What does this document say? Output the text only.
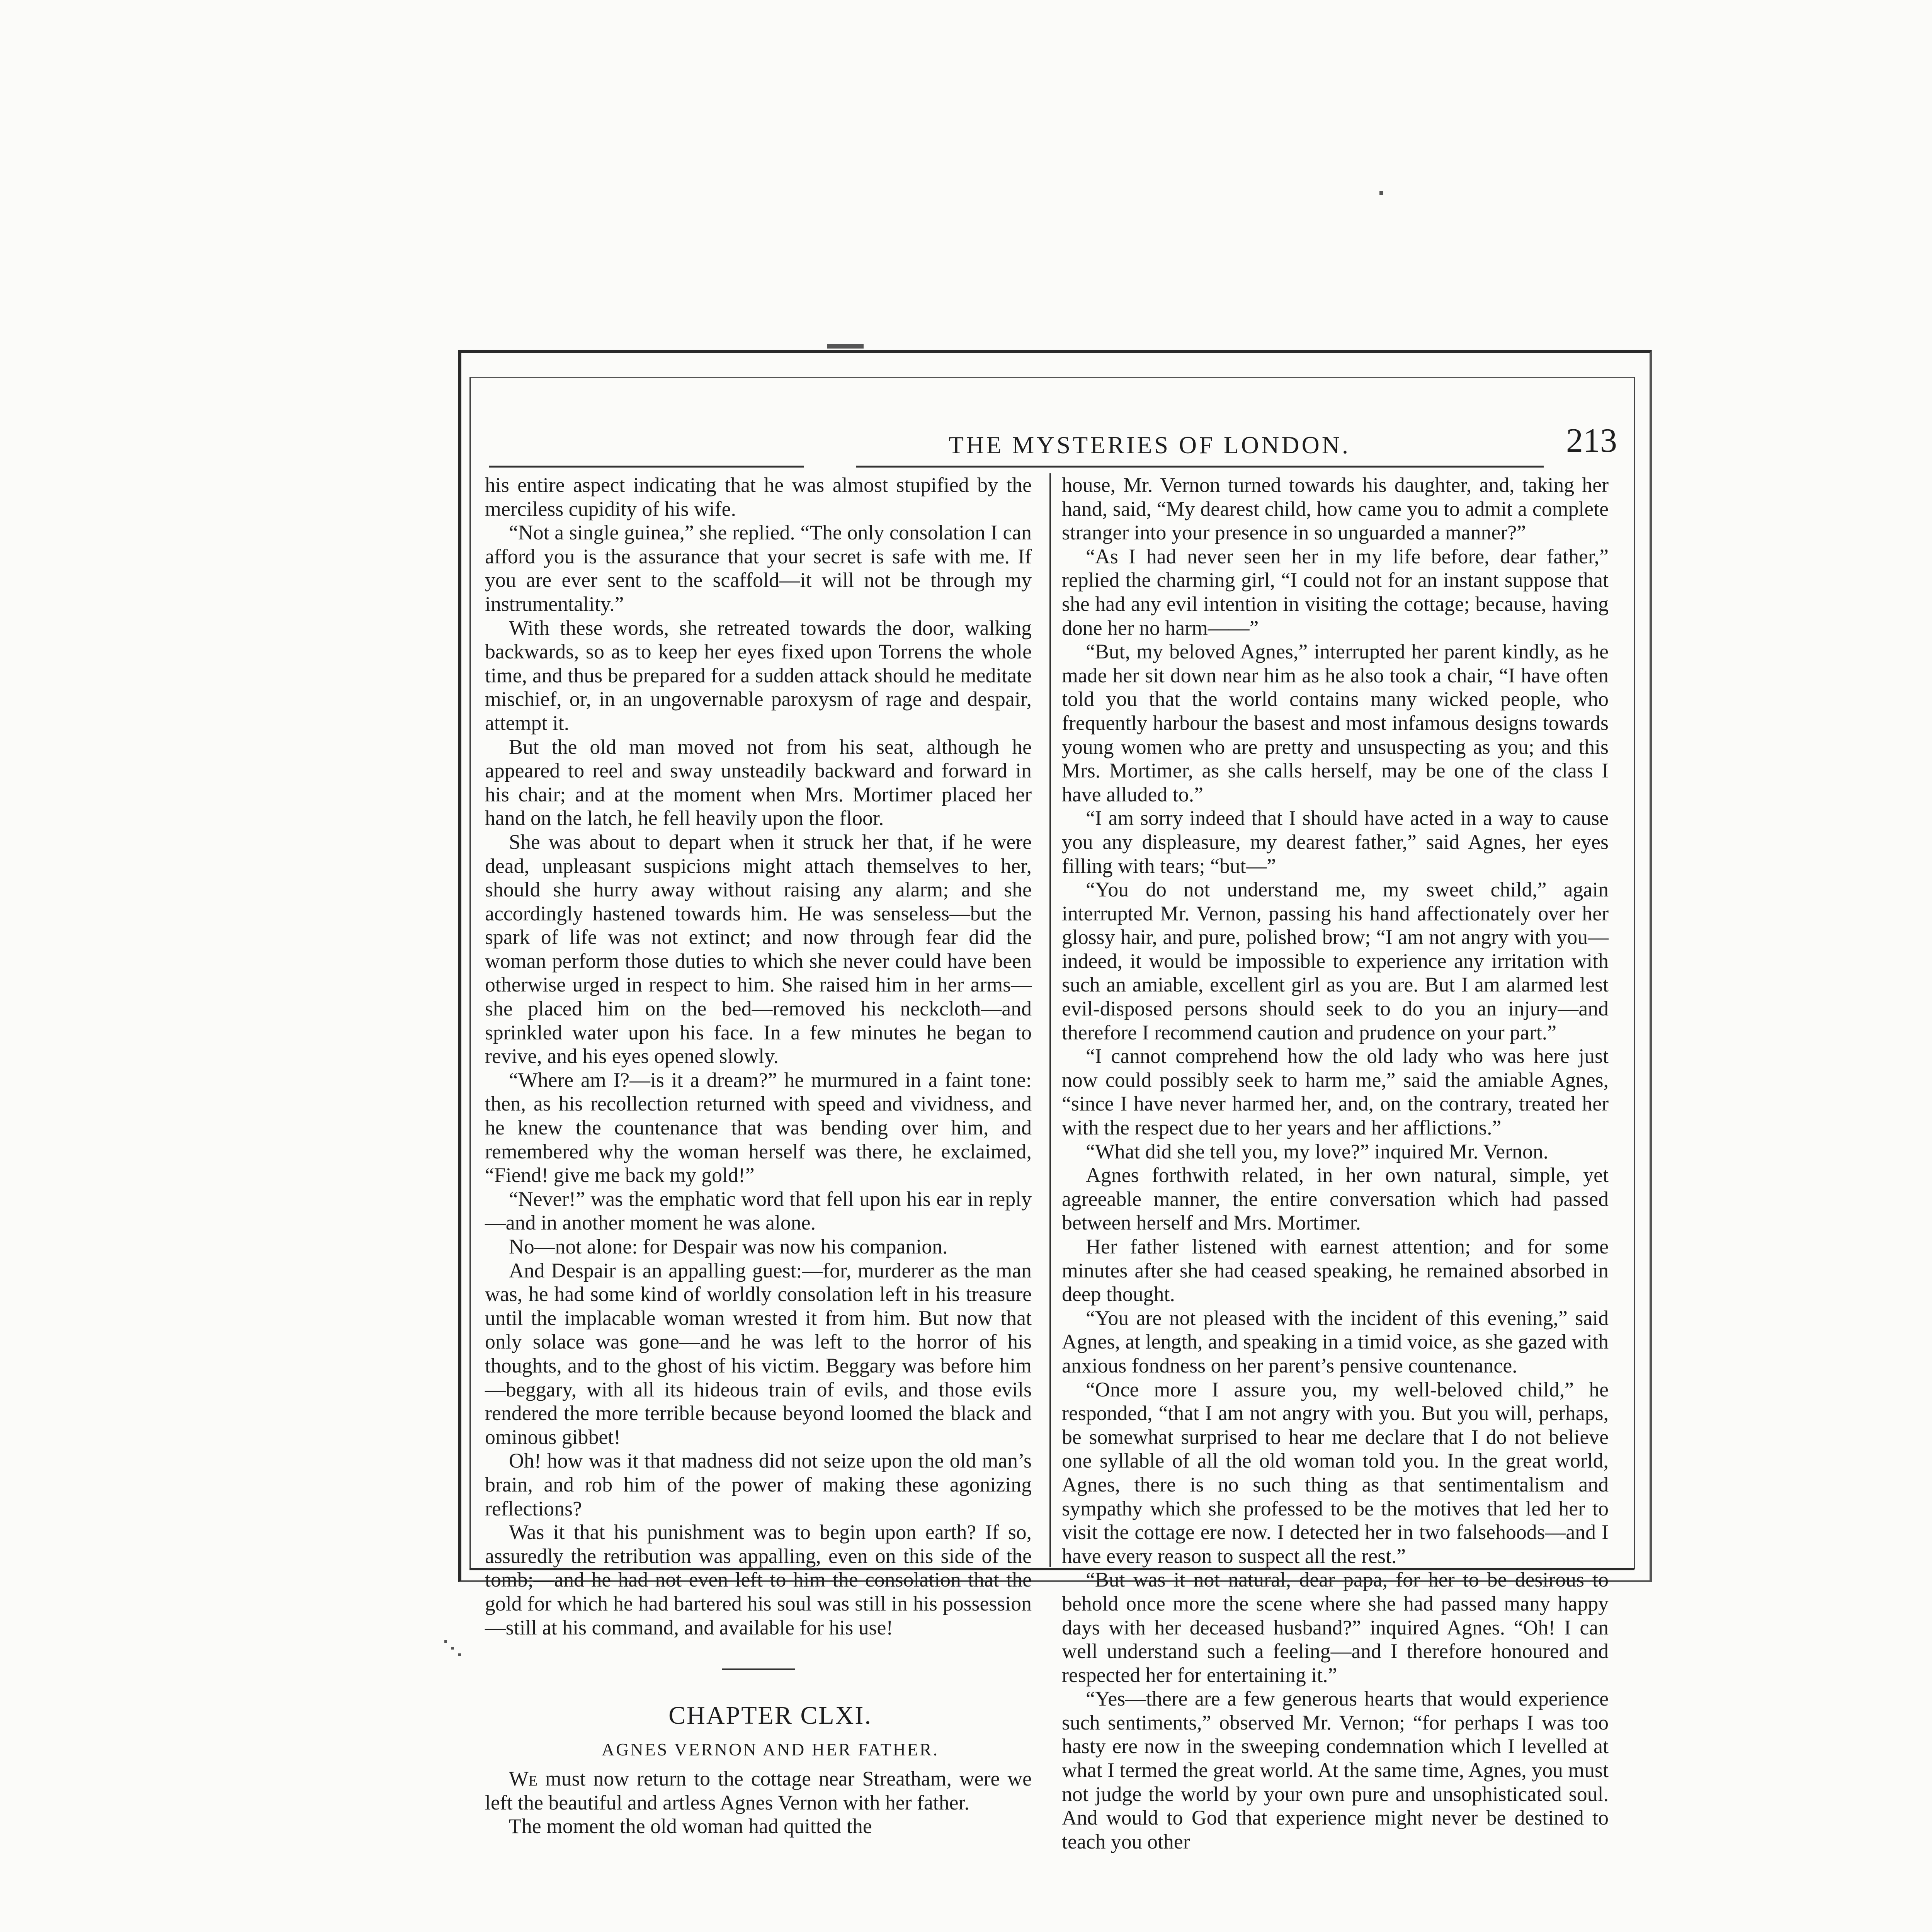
THE MYSTERIES OF LONDON.	213

his entire aspect indicating that he was almost stupified by the merciless cupidity of his wife.

“Not a single guinea,” she replied. “The only consolation I can afford you is the assurance that your secret is safe with me. If you are ever sent to the scaffold—it will not be through my instrumentality.”

With these words, she retreated towards the door, walking backwards, so as to keep her eyes fixed upon Torrens the whole time, and thus be prepared for a sudden attack should he meditate mischief, or, in an ungovernable paroxysm of rage and despair, attempt it.

But the old man moved not from his seat, although he appeared to reel and sway unsteadily backward and forward in his chair; and at the moment when Mrs. Mortimer placed her hand on the latch, he fell heavily upon the floor.

She was about to depart when it struck her that, if he were dead, unpleasant suspicions might attach themselves to her, should she hurry away without raising any alarm; and she accordingly hastened towards him. He was senseless—but the spark of life was not extinct; and now through fear did the woman perform those duties to which she never could have been otherwise urged in respect to him. She raised him in her arms—she placed him on the bed—removed his neckcloth—and sprinkled water upon his face. In a few minutes he began to revive, and his eyes opened slowly.

“Where am I?—is it a dream?” he murmured in a faint tone: then, as his recollection returned with speed and vividness, and he knew the countenance that was bending over him, and remembered why the woman herself was there, he exclaimed, “Fiend! give me back my gold!”

“Never!” was the emphatic word that fell upon his ear in reply—and in another moment he was alone.

No—not alone: for Despair was now his companion.

And Despair is an appalling guest:—for, murderer as the man was, he had some kind of worldly consolation left in his treasure until the implacable woman wrested it from him. But now that only solace was gone—and he was left to the horror of his thoughts, and to the ghost of his victim. Beggary was before him—beggary, with all its hideous train of evils, and those evils rendered the more terrible because beyond loomed the black and ominous gibbet!

Oh! how was it that madness did not seize upon the old man’s brain, and rob him of the power of making these agonizing reflections?

Was it that his punishment was to begin upon earth? If so, assuredly the retribution was appalling, even on this side of the tomb;—and he had not even left to him the consolation that the gold for which he had bartered his soul was still in his possession—still at his command, and available for his use!

CHAPTER CLXI.

AGNES VERNON AND HER FATHER.

We must now return to the cottage near Streatham, were we left the beautiful and artless Agnes Vernon with her father.

The moment the old woman had quitted the

house, Mr. Vernon turned towards his daughter, and, taking her hand, said, “My dearest child, how came you to admit a complete stranger into your presence in so unguarded a manner?”

“As I had never seen her in my life before, dear father,” replied the charming girl, “I could not for an instant suppose that she had any evil intention in visiting the cottage; because, having done her no harm——”

“But, my beloved Agnes,” interrupted her parent kindly, as he made her sit down near him as he also took a chair, “I have often told you that the world contains many wicked people, who frequently harbour the basest and most infamous designs towards young women who are pretty and unsuspecting as you; and this Mrs. Mortimer, as she calls herself, may be one of the class I have alluded to.”

“I am sorry indeed that I should have acted in a way to cause you any displeasure, my dearest father,” said Agnes, her eyes filling with tears; “but—”

“You do not understand me, my sweet child,” again interrupted Mr. Vernon, passing his hand affectionately over her glossy hair, and pure, polished brow; “I am not angry with you—indeed, it would be impossible to experience any irritation with such an amiable, excellent girl as you are. But I am alarmed lest evil-disposed persons should seek to do you an injury—and therefore I recommend caution and prudence on your part.”

“I cannot comprehend how the old lady who was here just now could possibly seek to harm me,” said the amiable Agnes, “since I have never harmed her, and, on the contrary, treated her with the respect due to her years and her afflictions.”

“What did she tell you, my love?” inquired Mr. Vernon.

Agnes forthwith related, in her own natural, simple, yet agreeable manner, the entire conversation which had passed between herself and Mrs. Mortimer.

Her father listened with earnest attention; and for some minutes after she had ceased speaking, he remained absorbed in deep thought.

“You are not pleased with the incident of this evening,” said Agnes, at length, and speaking in a timid voice, as she gazed with anxious fondness on her parent’s pensive countenance.

“Once more I assure you, my well-beloved child,” he responded, “that I am not angry with you. But you will, perhaps, be somewhat surprised to hear me declare that I do not believe one syllable of all the old woman told you. In the great world, Agnes, there is no such thing as that sentimentalism and sympathy which she professed to be the motives that led her to visit the cottage ere now. I detected her in two falsehoods—and I have every reason to suspect all the rest.”

“But was it not natural, dear papa, for her to be desirous to behold once more the scene where she had passed many happy days with her deceased husband?” inquired Agnes. “Oh! I can well understand such a feeling—and I therefore honoured and respected her for entertaining it.”

“Yes—there are a few generous hearts that would experience such sentiments,” observed Mr. Vernon; “for perhaps I was too hasty ere now in the sweeping condemnation which I levelled at what I termed the great world. At the same time, Agnes, you must not judge the world by your own pure and unsophisticated soul. And would to God that experience might never be destined to teach you other
